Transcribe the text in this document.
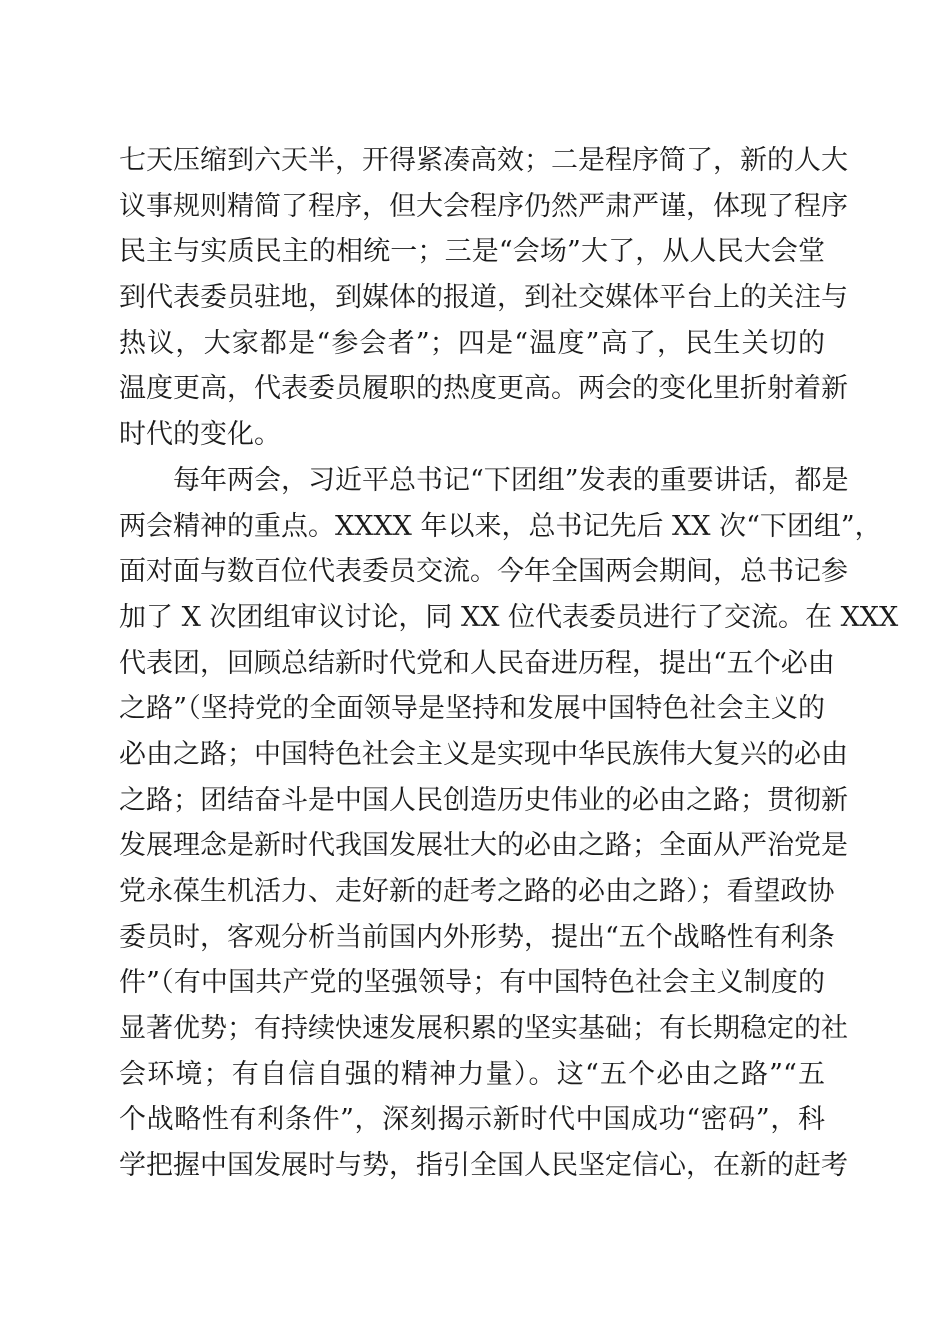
七天压缩到六天半，开得紧凑高效；二是程序简了，新的人大
议事规则精简了程序，但大会程序仍然严肃严谨，体现了程序
民主与实质民主的相统一；三是“会场”大了，从人民大会堂
到代表委员驻地，到媒体的报道，到社交媒体平台上的关注与
热议，大家都是“参会者”；四是“温度”高了，民生关切的
温度更高，代表委员履职的热度更高。两会的变化里折射着新
时代的变化。
每年两会，习近平总书记“下团组”发表的重要讲话，都是
两会精神的重点。XXXX 年以来，总书记先后 XX 次“下团组”，
面对面与数百位代表委员交流。今年全国两会期间，总书记参
加了 X 次团组审议讨论，同 XX 位代表委员进行了交流。在 XXX
代表团，回顾总结新时代党和人民奋进历程，提出“五个必由
之路”（坚持党的全面领导是坚持和发展中国特色社会主义的
必由之路；中国特色社会主义是实现中华民族伟大复兴的必由
之路；团结奋斗是中国人民创造历史伟业的必由之路；贯彻新
发展理念是新时代我国发展壮大的必由之路；全面从严治党是
党永葆生机活力、走好新的赶考之路的必由之路）；看望政协
委员时，客观分析当前国内外形势，提出“五个战略性有利条
件”（有中国共产党的坚强领导；有中国特色社会主义制度的
显著优势；有持续快速发展积累的坚实基础；有长期稳定的社
会环境；有自信自强的精神力量）。这“五个必由之路”“五
个战略性有利条件”，深刻揭示新时代中国成功“密码”，科
学把握中国发展时与势，指引全国人民坚定信心，在新的赶考
